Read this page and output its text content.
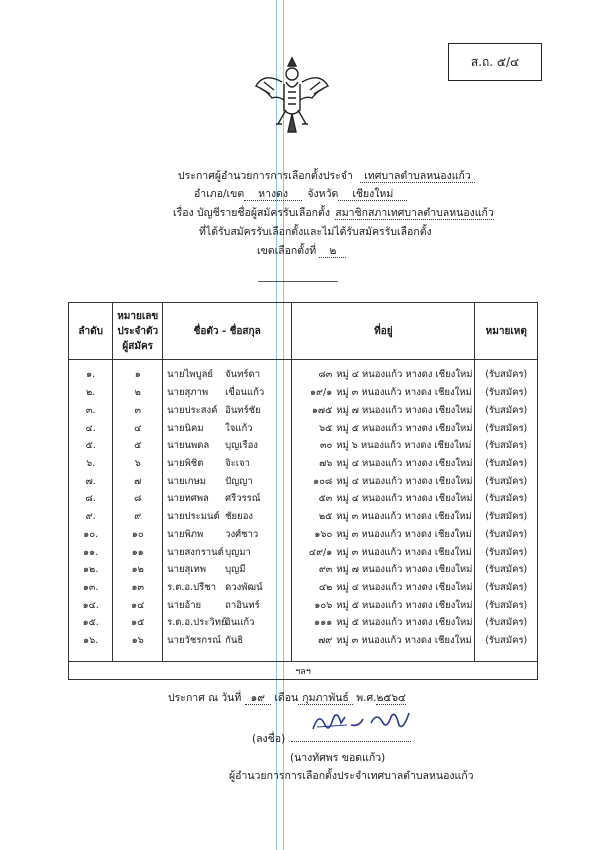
ส.ถ. ๕/๔
ประกาศผู้อำนวยการการเลือกตั้งประจำ เทศบาลตำบลหนองแก้ว
อำเภอ/เขต หางดง จังหวัด เชียงใหม่
เรื่อง บัญชีรายชื่อผู้สมัครรับเลือกตั้ง สมาชิกสภาเทศบาลตำบลหนองแก้ว
ที่ได้รับสมัครรับเลือกตั้งและไม่ได้รับสมัครรับเลือกตั้ง
เขตเลือกตั้งที่ ๒
ลำดับ	หมายเลข
ประจำตัว
ผู้สมัคร	ชื่อตัว - ชื่อสกุล	ที่อยู่	หมายเหตุ
๑.	๑	นายไพบูลย์ จันทร์ดา	๘๓ หมู่ ๔ หนองแก้ว หางดง เชียงใหม่	(รับสมัคร)
๒.	๒	นายสุภาพ เขื่อนแก้ว	๑๙/๑ หมู่ ๓ หนองแก้ว หางดง เชียงใหม่	(รับสมัคร)
๓.	๓	นายประสงค์ อินทร์ชัย	๑๗๕ หมู่ ๗ หนองแก้ว หางดง เชียงใหม่	(รับสมัคร)
๔.	๔	นายนิคม ใจแก้ว	๖๕ หมู่ ๕ หนองแก้ว หางดง เชียงใหม่	(รับสมัคร)
๕.	๕	นายนพดล บุญเรือง	๓๐ หมู่ ๖ หนองแก้ว หางดง เชียงใหม่	(รับสมัคร)
๖.	๖	นายพิชิต จิะเจา	๗๖ หมู่ ๔ หนองแก้ว หางดง เชียงใหม่	(รับสมัคร)
๗.	๗	นายเกษม ปัญญา	๑๐๘ หมู่ ๔ หนองแก้ว หางดง เชียงใหม่	(รับสมัคร)
๘.	๘	นายทศพล ศรีวรรณ์	๕๓ หมู่ ๔ หนองแก้ว หางดง เชียงใหม่	(รับสมัคร)
๙.	๙	นายประมนต์ ชัยยอง	๒๕ หมู่ ๓ หนองแก้ว หางดง เชียงใหม่	(รับสมัคร)
๑๐.	๑๐	นายพิภพ วงศ์ชาว	๑๖๐ หมู่ ๓ หนองแก้ว หางดง เชียงใหม่	(รับสมัคร)
๑๑.	๑๑	นายสงกรานต์บุญมา	๔๙/๑ หมู่ ๓ หนองแก้ว หางดง เชียงใหม่	(รับสมัคร)
๑๒.	๑๒	นายสุเทพ บุญมี	๙๓ หมู่ ๗ หนองแก้ว หางดง เชียงใหม่	(รับสมัคร)
๑๓.	๑๓	ร.ต.อ.ปรีชา ดวงพัฒน์	๔๒ หมู่ ๔ หนองแก้ว หางดง เชียงใหม่	(รับสมัคร)
๑๔.	๑๔	นายอ้าย ถาอินทร์	๑๐๖ หมู่ ๕ หนองแก้ว หางดง เชียงใหม่	(รับสมัคร)
๑๕.	๑๕	ร.ต.อ.ประวิทย์อินแก้ว	๑๑๑ หมู่ ๕ หนองแก้ว หางดง เชียงใหม่	(รับสมัคร)
๑๖.	๑๖	นายวัชรกรณ์ กันธิ	๗๙ หมู่ ๓ หนองแก้ว หางดง เชียงใหม่	(รับสมัคร)

ฯลฯ				
ประกาศ ณ วันที่ ๑๙ เดือน กุมภาพันธ์ พ.ศ.๒๕๖๔
(ลงชื่อ)
(นางทัศพร ขอดแก้ว)
ผู้อำนวยการการเลือกตั้งประจำเทศบาลตำบลหนองแก้ว
